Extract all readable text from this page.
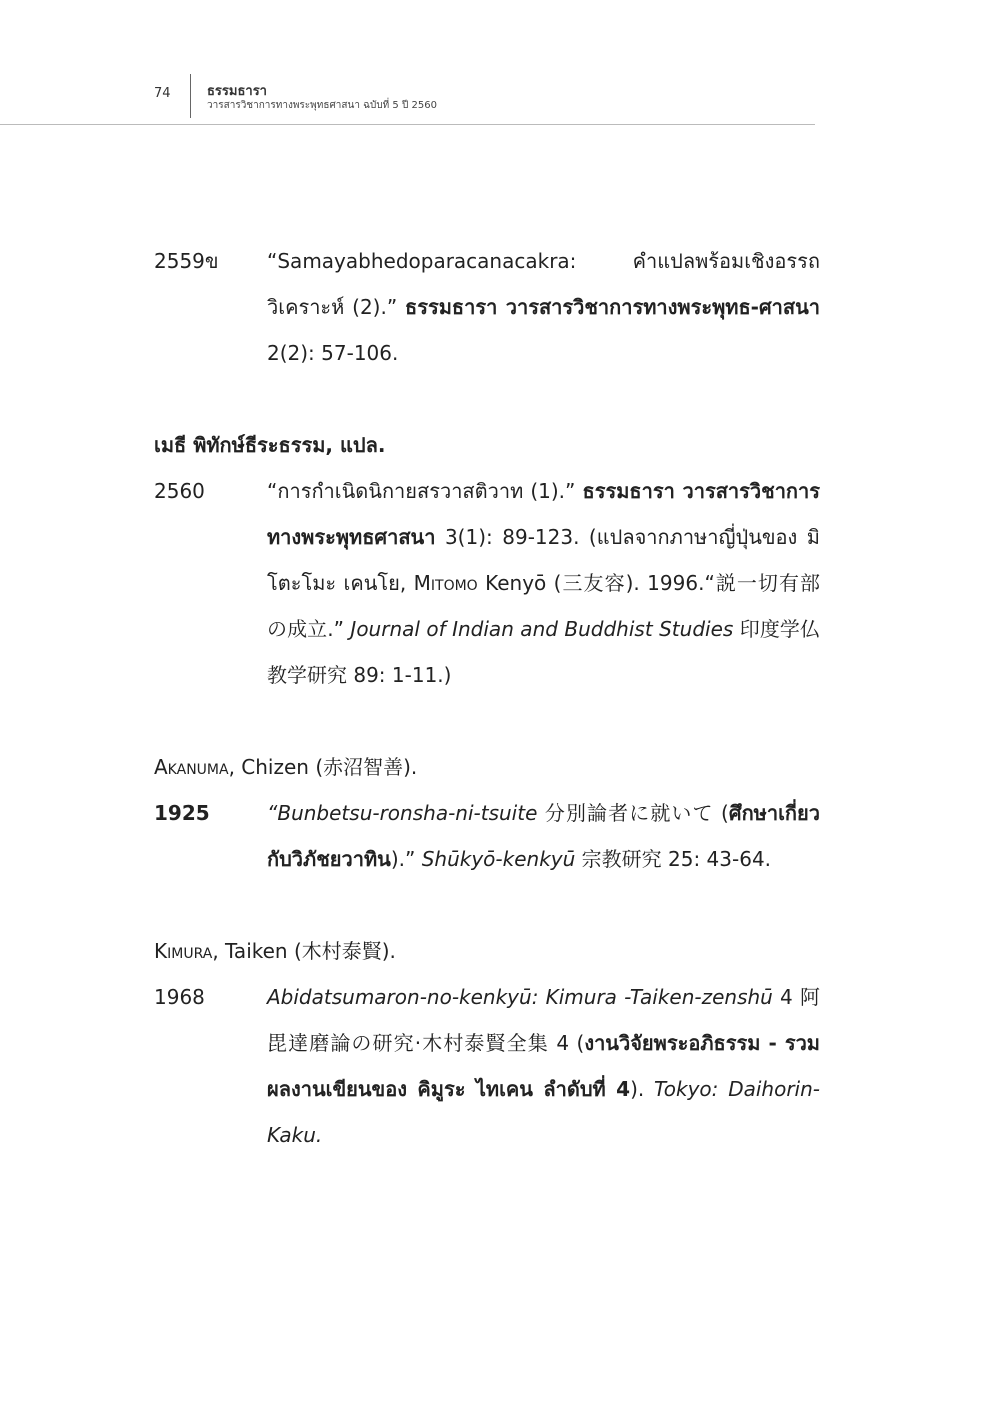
74	ธรรมธารา
วารสารวิชาการทางพระพุทธศาสนา ฉบับที่ 5 ปี 2560
2559ข	“Samayabhedoparacanacakra: คำแปลพร้อมเชิงอรรถวิเคราะห์ (2).” ธรรมธารา วารสารวิชาการทางพระพุทธ-ศาสนา 2(2): 57-106.
เมธี พิทักษ์ธีระธรรม, แปล.
2560	“การกำเนิดนิกายสรวาสติวาท (1).” ธรรมธารา วารสารวิชาการทางพระพุทธศาสนา 3(1): 89-123. (แปลจากภาษาญี่ปุ่นของ มิโตะโมะ เคนโย, Mitomo Kenyō (三友容). 1996.“説一切有部の成立.” Journal of Indian and Buddhist Studies 印度学仏教学研究 89: 1-11.)
Akanuma, Chizen (赤沼智善).
1925	“Bunbetsu-ronsha-ni-tsuite 分別論者に就いて (ศึกษาเกี่ยวกับวิภัชยวาทิน).” Shūkyō-kenkyū 宗教研究 25: 43-64.
Kimura, Taiken (木村泰賢).
1968	Abidatsumaron-no-kenkyū: Kimura -Taiken-zenshū 4 阿毘達磨論の研究·木村泰賢全集 4 (งานวิจัยพระอภิธรรม - รวมผลงานเขียนของ คิมูระ ไทเคน ลำดับที่ 4). Tokyo: Daihorin-Kaku.
